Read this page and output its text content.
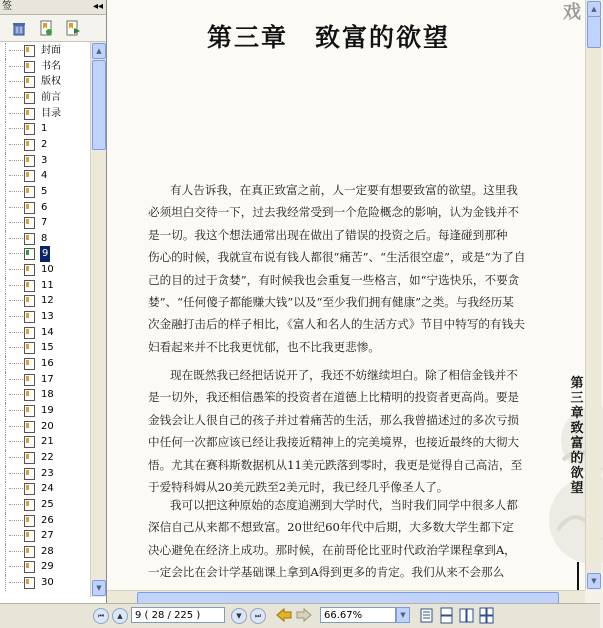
签	◂◂
封面
书名
版权
前言
目录
1
2
3
4
5
6
7
8
9
10
11
12
13
14
15
16
17
18
19
20
21
22
23
24
25
26
27
28
29
30
▲
▼
戏
第三章　致富的欲望
有人告诉我，在真正致富之前，人一定要有想要致富的欲望。这里我
必须坦白交待一下，过去我经常受到一个危险概念的影响，认为金钱并不
是一切。我这个想法通常出现在做出了错误的投资之后。每逢碰到那种
伤心的时候，我就宣布说有钱人都很“痛苦”、“生活很空虚”，或是“为了自
己的目的过于贪婪”，有时候我也会重复一些格言，如“宁选快乐，不要贪
婪”、“任何傻子都能赚大钱”以及“至少我们拥有健康”之类。与我经历某
次金融打击后的样子相比，《富人和名人的生活方式》节目中特写的有钱夫
妇看起来并不比我更忧郁，也不比我更悲惨。
现在既然我已经把话说开了，我还不妨继续坦白。除了相信金钱并不
是一切外，我还相信愚笨的投资者在道德上比精明的投资者更高尚。要是
金钱会让人很自己的孩子并过着痛苦的生活，那么我曾描述过的多次亏损
中任何一次都应该已经让我接近精神上的完美境界，也接近最终的大彻大
悟。尤其在赛科斯数据机从11美元跌落到零时，我更是觉得自己高洁，至
于爱特科姆从20美元跌至2美元时，我已经几乎像圣人了。
我可以把这种原始的态度追溯到大学时代，当时我们同学中很多人都
深信自己从来都不想致富。20世纪60年代中后期，大多数大学生都下定
决心避免在经济上成功。那时候，在前哥伦比亚时代政治学课程拿到A，
一定会比在会计学基础课上拿到A得到更多的肯定。我们从来不会那么
第三章　致富的欲望
▲
▼
⏮	▲	9 ( 28 / 225 )	▼	⏭	66.67%	▼
